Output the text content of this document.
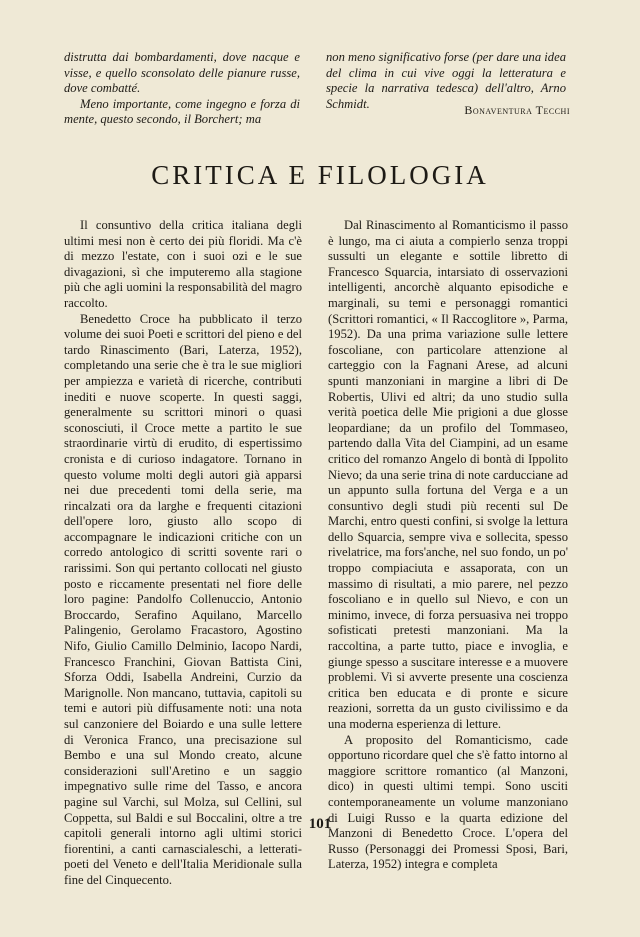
distrutta dai bombardamenti, dove nacque e visse, e quello sconsolato delle pianure russe, dove combatté.

Meno importante, come ingegno e forza di mente, questo secondo, il Borchert; ma

non meno significativo forse (per dare una idea del clima in cui vive oggi la letteratura e specie la narrativa tedesca) dell'altro, Arno Schmidt.	Bonaventura Tecchi
CRITICA E FILOLOGIA

Il consuntivo della critica italiana degli ultimi mesi non è certo dei più floridi. Ma c'è di mezzo l'estate, con i suoi ozi e le sue divagazioni, sì che imputeremo alla stagione più che agli uomini la responsabilità del magro raccolto.

Benedetto Croce ha pubblicato il terzo volume dei suoi Poeti e scrittori del pieno e del tardo Rinascimento (Bari, Laterza, 1952), completando una serie che è tra le sue migliori per ampiezza e varietà di ricerche, contributi inediti e nuove scoperte. In questi saggi, generalmente su scrittori minori o quasi sconosciuti, il Croce mette a partito le sue straordinarie virtù di erudito, di espertissimo cronista e di curioso indagatore. Tornano in questo volume molti degli autori già apparsi nei due precedenti tomi della serie, ma rincalzati ora da larghe e frequenti citazioni dell'opere loro, giusto allo scopo di accompagnare le indicazioni critiche con un corredo antologico di scritti sovente rari o rarissimi. Son qui pertanto collocati nel giusto posto e riccamente presentati nel fiore delle loro pagine: Pandolfo Collenuccio, Antonio Broccardo, Serafino Aquilano, Marcello Palingenio, Gerolamo Fracastoro, Agostino Nifo, Giulio Camillo Delminio, Iacopo Nardi, Francesco Franchini, Giovan Battista Cini, Sforza Oddi, Isabella Andreini, Curzio da Marignolle. Non mancano, tuttavia, capitoli su temi e autori più diffusamente noti: una nota sul canzoniere del Boiardo e una sulle lettere di Veronica Franco, una precisazione sul Bembo e una sul Mondo creato, alcune considerazioni sull'Aretino e un saggio impegnativo sulle rime del Tasso, e ancora pagine sul Varchi, sul Molza, sul Cellini, sul Coppetta, sul Baldi e sul Boccalini, oltre a tre capitoli generali intorno agli ultimi storici fiorentini, a canti carnascialeschi, a letterati-poeti del Veneto e dell'Italia Meridionale sulla fine del Cinquecento.

Dal Rinascimento al Romanticismo il passo è lungo, ma ci aiuta a compierlo senza troppi sussulti un elegante e sottile libretto di Francesco Squarcia, intarsiato di osservazioni intelligenti, ancorchè alquanto episodiche e marginali, su temi e personaggi romantici (Scrittori romantici, « Il Raccoglitore », Parma, 1952). Da una prima variazione sulle lettere foscoliane, con particolare attenzione al carteggio con la Fagnani Arese, ad alcuni spunti manzoniani in margine a libri di De Robertis, Ulivi ed altri; da uno studio sulla verità poetica delle Mie prigioni a due glosse leopardiane; da un profilo del Tommaseo, partendo dalla Vita del Ciampini, ad un esame critico del romanzo Angelo di bontà di Ippolito Nievo; da una serie trina di note carducciane ad un appunto sulla fortuna del Verga e a un consuntivo degli studi più recenti sul De Marchi, entro questi confini, si svolge la lettura dello Squarcia, sempre viva e sollecita, spesso rivelatrice, ma fors'anche, nel suo fondo, un po' troppo compiaciuta e assaporata, con un massimo di risultati, a mio parere, nel pezzo foscoliano e in quello sul Nievo, e con un minimo, invece, di forza persuasiva nei troppo sofisticati pretesti manzoniani. Ma la raccoltina, a parte tutto, piace e invoglia, e giunge spesso a suscitare interesse e a muovere problemi. Vi si avverte presente una coscienza critica ben educata e di pronte e sicure reazioni, sorretta da un gusto civilissimo e da una moderna esperienza di letture.

A proposito del Romanticismo, cade opportuno ricordare quel che s'è fatto intorno al maggiore scrittore romantico (al Manzoni, dico) in questi ultimi tempi. Sono usciti contemporaneamente un volume manzoniano di Luigi Russo e la quarta edizione del Manzoni di Benedetto Croce. L'opera del Russo (Personaggi dei Promessi Sposi, Bari, Laterza, 1952) integra e completa

101
